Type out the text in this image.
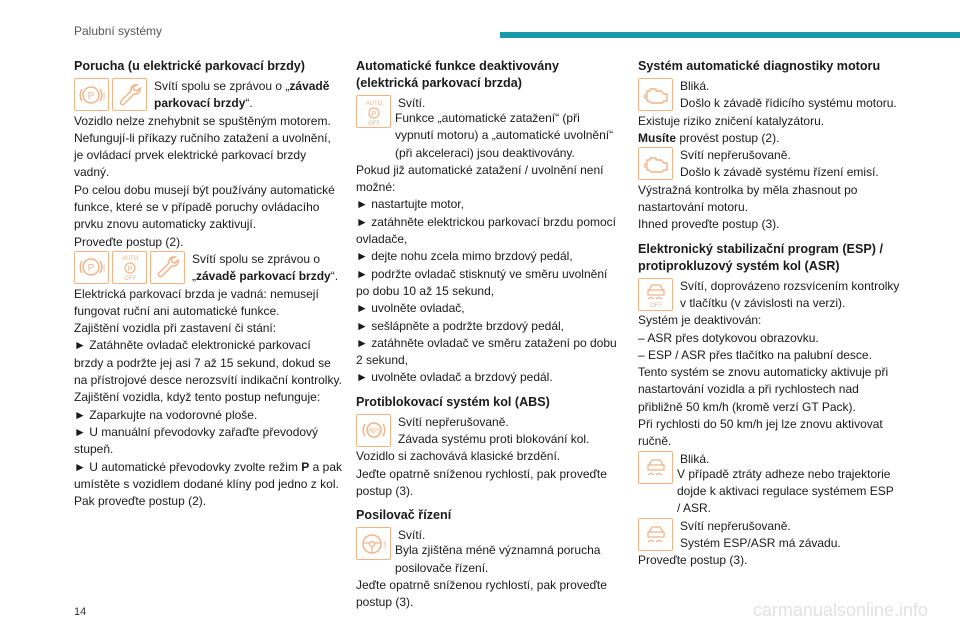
Palubní systémy
Porucha (u elektrické parkovací brzdy)
P !
Svítí spolu se zprávou o „závadě parkovací brzdy“.
Vozidlo nelze znehybnit se spuštěným motorem. Nefungují-li příkazy ručního zatažení a uvolnění, je ovládací prvek elektrické parkovací brzdy vadný.
Po celou dobu musejí být používány automatické funkce, které se v případě poruchy ovládacího prvku znovu automaticky zaktivují.
Proveďte postup (2).
P !
AUTO
P
OFF
Svítí spolu se zprávou o „závadě parkovací brzdy“.
Elektrická parkovací brzda je vadná: nemusejí fungovat ruční ani automatické funkce.
Zajištění vozidla při zastavení či stání:
► Zatáhněte ovladač elektronické parkovací brzdy a podržte jej asi 7 až 15 sekund, dokud se na přístrojové desce nerozsvítí indikační kontrolky.
Zajištění vozidla, když tento postup nefunguje:
► Zaparkujte na vodorovné ploše.
► U manuální převodovky zařaďte převodový stupeň.
► U automatické převodovky zvolte režim P a pak umístěte s vozidlem dodané klíny pod jedno z kol.
Pak proveďte postup (2).
Automatické funkce deaktivovány (elektrická parkovací brzda)
AUTO
P
OFF
Svítí.
Funkce „automatické zatažení“ (při vypnutí motoru) a „automatické uvolnění“ (při akceleraci) jsou deaktivovány.
Pokud již automatické zatažení / uvolnění není možné:
► nastartujte motor,
► zatáhněte elektrickou parkovací brzdu pomocí ovladače,
► dejte nohu zcela mimo brzdový pedál,
► podržte ovladač stisknutý ve směru uvolnění po dobu 10 až 15 sekund,
► uvolněte ovladač,
► sešlápněte a podržte brzdový pedál,
► zatáhněte ovladač ve směru zatažení po dobu 2 sekund,
► uvolněte ovladač a brzdový pedál.
Protiblokovací systém kol (ABS)
ABS
Svítí nepřerušovaně.
Závada systému proti blokování kol.
Vozidlo si zachovává klasické brzdění.
Jeďte opatrně sníženou rychlostí, pak proveďte postup (3).
Posilovač řízení
!
Svítí.
Byla zjištěna méně významná porucha posilovače řízení.
Jeďte opatrně sníženou rychlostí, pak proveďte postup (3).
Systém automatické diagnostiky motoru
Bliká.
Došlo k závadě řídicího systému motoru.
Existuje riziko zničení katalyzátoru.
Musíte provést postup (2).
Svítí nepřerušovaně.
Došlo k závadě systému řízení emisí.
Výstražná kontrolka by měla zhasnout po nastartování motoru.
Ihned proveďte postup (3).
Elektronický stabilizační program (ESP) / protiprokluzový systém kol (ASR)
OFF
Svítí, doprovázeno rozsvícením kontrolky v tlačítku (v závislosti na verzi).
Systém je deaktivován:
– ASR přes dotykovou obrazovku.
– ESP / ASR přes tlačítko na palubní desce.
Tento systém se znovu automaticky aktivuje při nastartování vozidla a při rychlostech nad přibližně 50 km/h (kromě verzí GT Pack).
Při rychlosti do 50 km/h jej lze znovu aktivovat ručně.
Bliká.
V případě ztráty adheze nebo trajektorie dojde k aktivaci regulace systémem ESP / ASR.
Svítí nepřerušovaně.
Systém ESP/ASR má závadu.
Proveďte postup (3).
14	carmanualsonline.info
